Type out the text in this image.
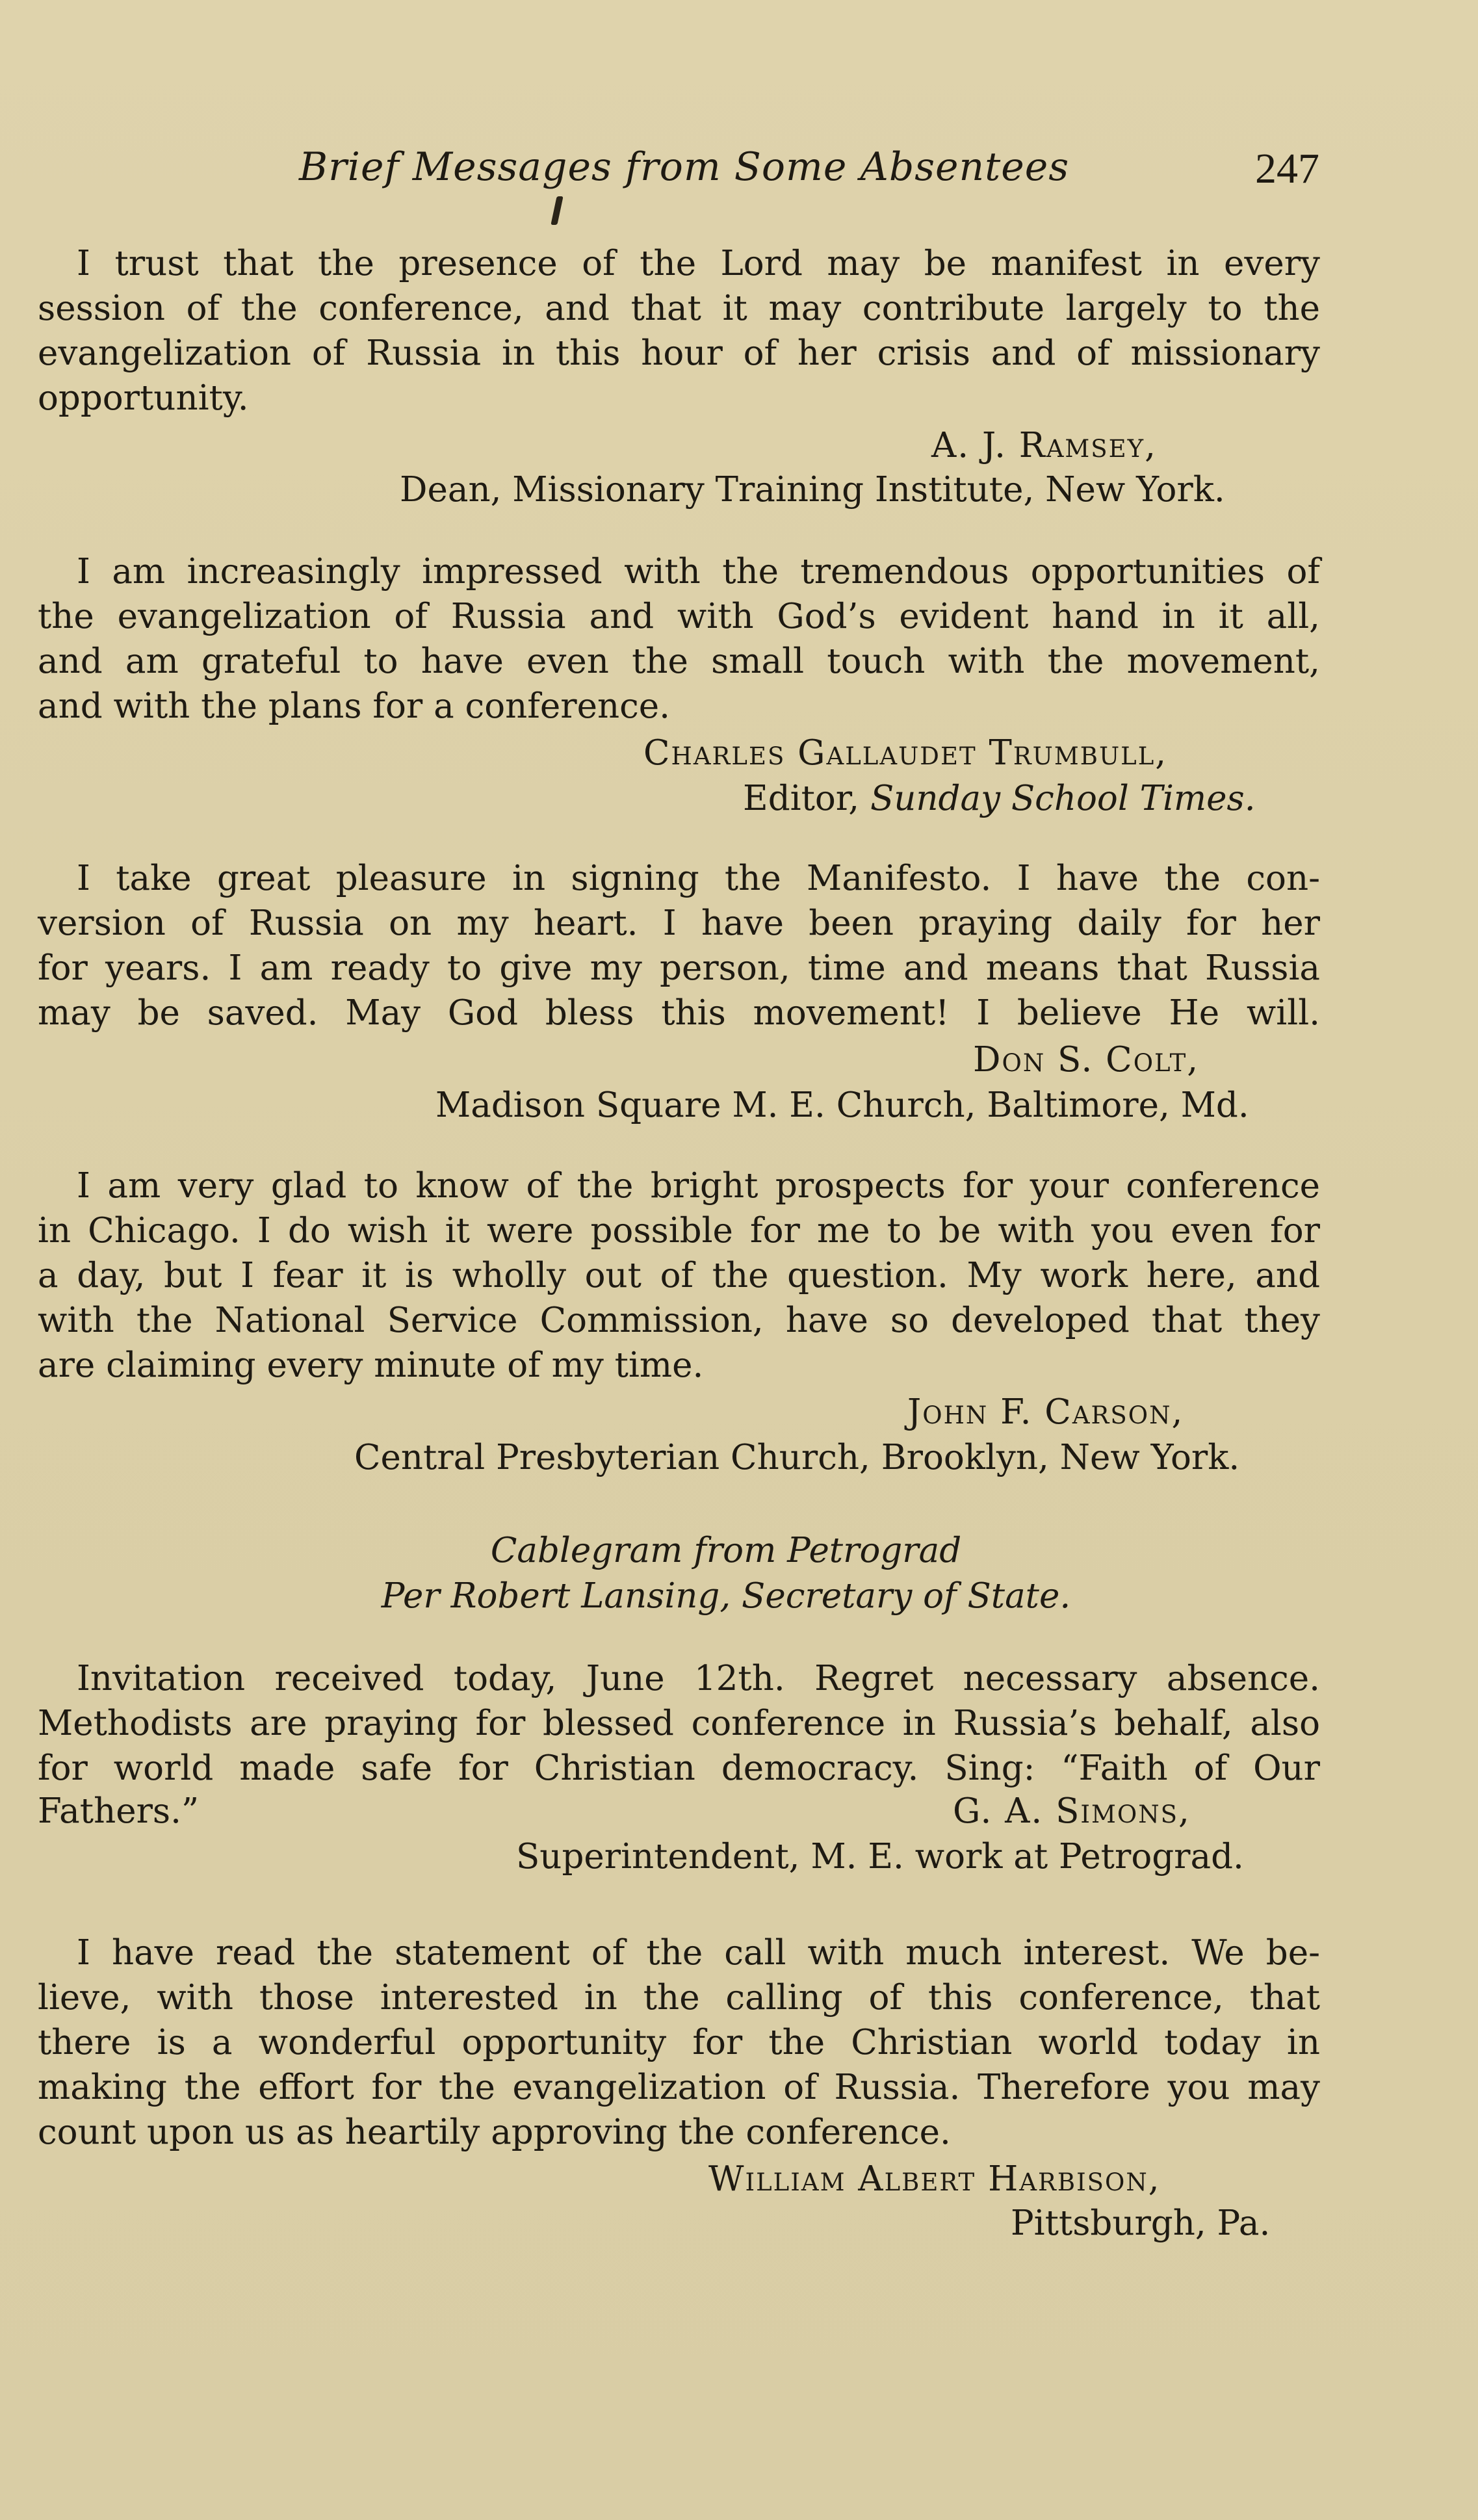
Brief Messages from Some Absentees	247
I trust that the presence of the Lord may be manifest in every
session of the conference, and that it may contribute largely to the
evangelization of Russia in this hour of her crisis and of missionary
opportunity.
A. J. Ramsey,
Dean, Missionary Training Institute, New York.
I am increasingly impressed with the tremendous opportunities of
the evangelization of Russia and with God’s evident hand in it all,
and am grateful to have even the small touch with the movement,
and with the plans for a conference.
Charles Gallaudet Trumbull,
Editor, Sunday School Times.
I take great pleasure in signing the Manifesto. I have the con-
version of Russia on my heart. I have been praying daily for her
for years. I am ready to give my person, time and means that Russia
may be saved. May God bless this movement! I believe He will.
Don S. Colt,
Madison Square M. E. Church, Baltimore, Md.
I am very glad to know of the bright prospects for your conference
in Chicago. I do wish it were possible for me to be with you even for
a day, but I fear it is wholly out of the question. My work here, and
with the National Service Commission, have so developed that they
are claiming every minute of my time.
John F. Carson,
Central Presbyterian Church, Brooklyn, New York.
Cablegram from Petrograd
Per Robert Lansing, Secretary of State.
Invitation received today, June 12th. Regret necessary absence.
Methodists are praying for blessed conference in Russia’s behalf, also
for world made safe for Christian democracy. Sing: “Faith of Our
Fathers.”	G. A. Simons,
Superintendent, M. E. work at Petrograd.
I have read the statement of the call with much interest. We be-
lieve, with those interested in the calling of this conference, that
there is a wonderful opportunity for the Christian world today in
making the effort for the evangelization of Russia. Therefore you may
count upon us as heartily approving the conference.
William Albert Harbison,
Pittsburgh, Pa.
